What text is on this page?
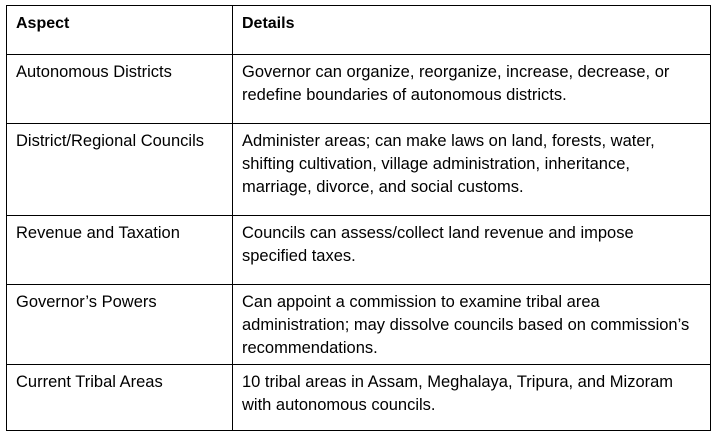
Aspect	Details
Autonomous Districts	Governor can organize, reorganize, increase, decrease, or redefine boundaries of autonomous districts.
District/Regional Councils	Administer areas; can make laws on land, forests, water, shifting cultivation, village administration, inheritance, marriage, divorce, and social customs.
Revenue and Taxation	Councils can assess/collect land revenue and impose specified taxes.
Governor’s Powers	Can appoint a commission to examine tribal area administration; may dissolve councils based on commission’s recommendations.
Current Tribal Areas	10 tribal areas in Assam, Meghalaya, Tripura, and Mizoram with autonomous councils.
